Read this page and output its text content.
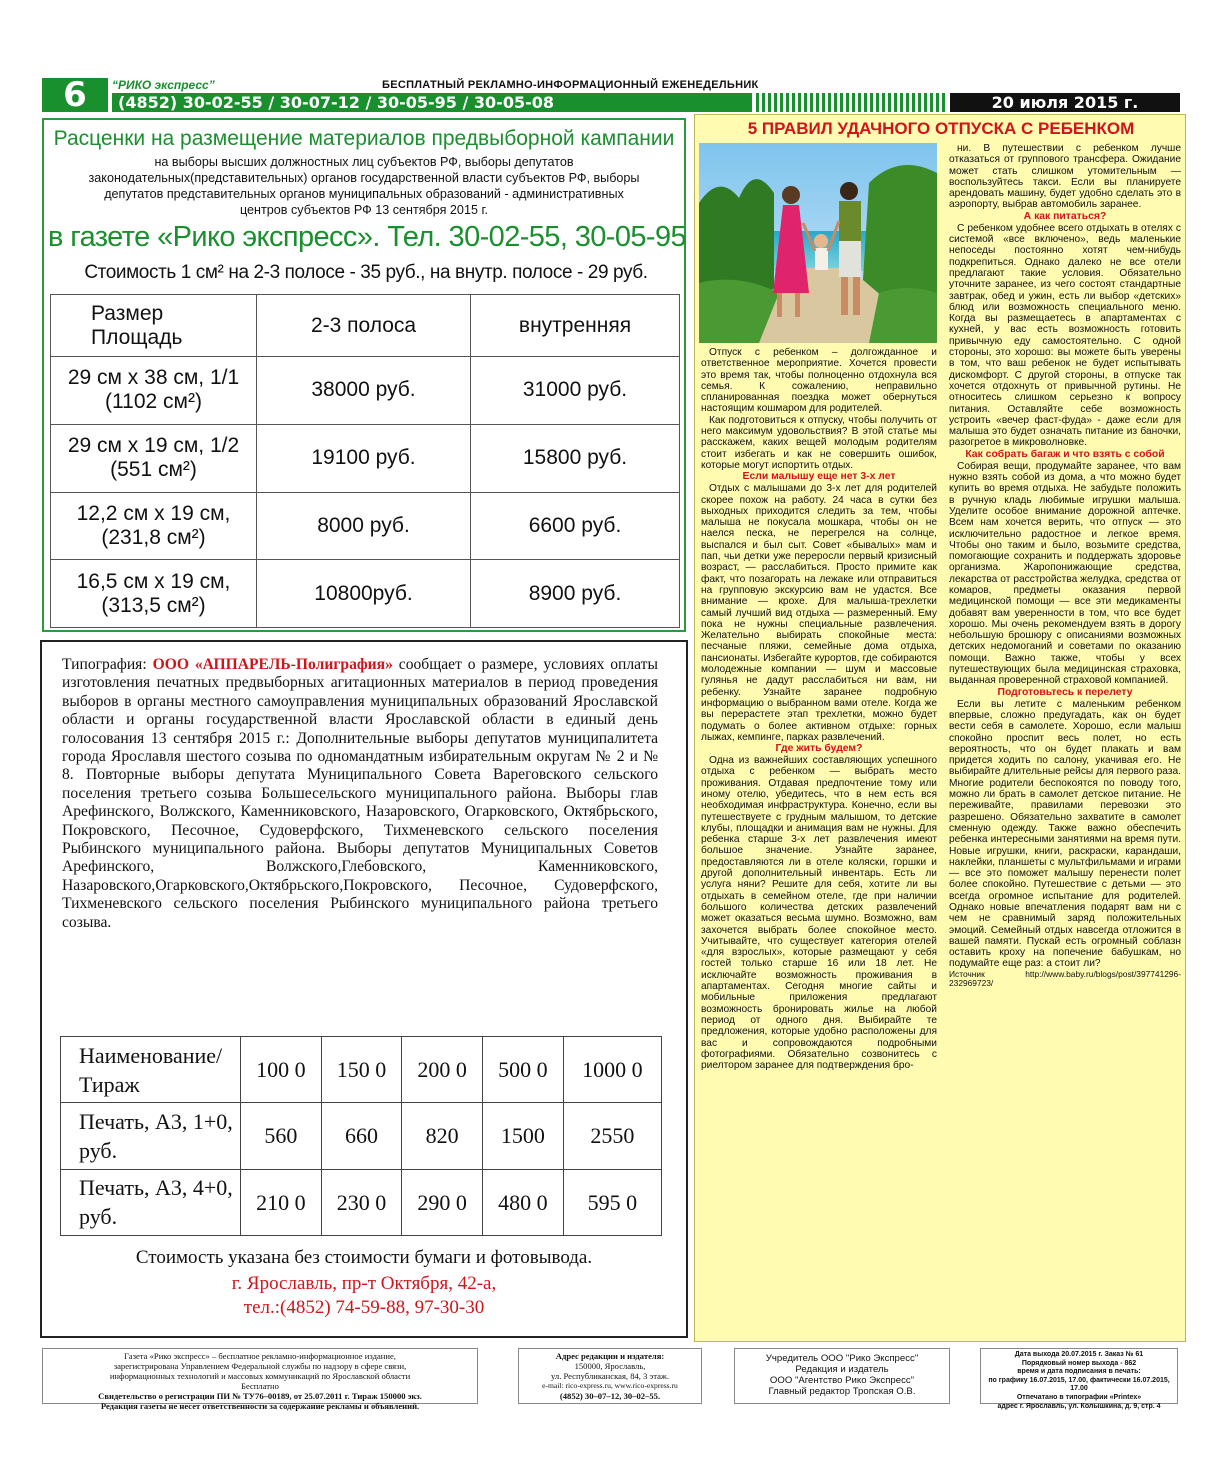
6	“РИКО экспресс”	БЕСПЛАТНЫЙ РЕКЛАМНО-ИНФОРМАЦИОННЫЙ ЕЖЕНЕДЕЛЬНИК
(4852) 30-02-55 / 30-07-12 / 30-05-95 / 30-05-08	20 июля 2015 г.
Расценки на размещение материалов предвыборной кампании
на выборы высших должностных лиц субъектов РФ, выборы депутатов законодательных(представительных) органов государственной власти субъектов РФ, выборы депутатов представительных органов муниципальных образований - административных центров субъектов РФ 13 сентября 2015 г.
в газете «Рико экспресс». Тел. 30-02-55, 30-05-95
Стоимость 1 см² на 2-3 полосе - 35 руб., на внутр. полосе - 29 руб.
Размер Площадь	2-3 полоса	внутренняя

29 см х 38 см, 1/1
(1102 см²)	38000 руб.	31000 руб.

29 см х 19 см, 1/2
(551 см²)	19100 руб.	15800 руб.

12,2 см х 19 см,
(231,8 см²)	8000 руб.	6600 руб.

16,5 см х 19 см,
(313,5 см²)	10800руб.	8900 руб.
Типография: ООО «АППАРЕЛЬ-Полиграфия» сообщает о размере, условиях оплаты изготовления печатных предвыборных агитационных материалов в период проведения выборов в органы местного самоуправления муниципальных образований Ярославской области и органы государственной власти Ярославской области в единый день голосования 13 сентября 2015 г.: Дополнительные выборы депутатов муниципалитета города Ярославля шестого созыва по одномандатным избирательным округам № 2 и № 8. Повторные выборы депутата Муниципального Совета Вареговского сельского поселения третьего созыва Большесельского муниципального района. Выборы глав Арефинского, Волжского, Каменниковского, Назаровского, Огарковского, Октябрьского, Покровского, Песочное, Судоверфского, Тихменевского сельского поселения Рыбинского муниципального района. Выборы депутатов Муниципальных Советов Арефинского, Волжского,Глебовского, Каменниковского, Назаровского,Огарковского,Октябрьского,Покровского, Песочное, Судоверфского, Тихменевского сельского поселения Рыбинского муниципального района третьего созыва.
Наименование/ Тираж	100 0	150 0	200 0	500 0	1000 0
Печать, А3, 1+0, руб.	560	660	820	1500	2550
Печать, А3, 4+0, руб.	210 0	230 0	290 0	480 0	595 0
Стоимость указана без стоимости бумаги и фотовывода.
г. Ярославль, пр-т Октября, 42-а,
тел.:(4852) 74-59-88, 97-30-30
5 ПРАВИЛ УДАЧНОГО ОТПУСКА С РЕБЕНКОМ

Отпуск с ребенком – долгожданное и ответственное мероприятие. Хочется провести это время так, чтобы полноценно отдохнула вся семья. К сожалению, неправильно спланированная поездка может обернуться настоящим кошмаром для родителей.

Как подготовиться к отпуску, чтобы получить от него максимум удовольствия? В этой статье мы расскажем, каких вещей молодым родителям стоит избегать и как не совершить ошибок, которые могут испортить отдых.

Если малышу еще нет 3-х лет

Отдых с малышами до 3-х лет для родителей скорее похож на работу. 24 часа в сутки без выходных приходится следить за тем, чтобы малыша не покусала мошкара, чтобы он не наелся песка, не перегрелся на солнце, выспался и был сыт. Совет «бывалых» мам и пап, чьи детки уже переросли первый кризисный возраст, — расслабиться. Просто примите как факт, что позагорать на лежаке или отправиться на групповую экскурсию вам не удастся. Все внимание — крохе. Для малыша-трехлетки самый лучший вид отдыха — размеренный. Ему пока не нужны специальные развлечения. Желательно выбирать спокойные места: песчаные пляжи, семейные дома отдыха, пансионаты. Избегайте курортов, где собираются молодежные компании — шум и массовые гулянья не дадут расслабиться ни вам, ни ребенку. Узнайте заранее подробную информацию о выбранном вами отеле. Когда же вы перерастете этап трехлетки, можно будет подумать о более активном отдыхе: горных лыжах, кемпинге, парках развлечений.

Где жить будем?

Одна из важнейших составляющих успешного отдыха с ребенком — выбрать место проживания. Отдавая предпочтение тому или иному отелю, убедитесь, что в нем есть вся необходимая инфраструктура. Конечно, если вы путешествуете с грудным малышом, то детские клубы, площадки и анимация вам не нужны. Для ребенка старше 3-х лет развлечения имеют большое значение. Узнайте заранее, предоставляются ли в отеле коляски, горшки и другой дополнительный инвентарь. Есть ли услуга няни? Решите для себя, хотите ли вы отдыхать в семейном отеле, где при наличии большого количества детских развлечений может оказаться весьма шумно. Возможно, вам захочется выбрать более спокойное место. Учитывайте, что существует категория отелей «для взрослых», которые размещают у себя гостей только старше 16 или 18 лет. Не исключайте возможность проживания в апартаментах. Сегодня многие сайты и мобильные приложения предлагают возможность бронировать жилье на любой период от одного дня. Выбирайте те предложения, которые удобно расположены для вас и сопровождаются подробными фотографиями. Обязательно созвонитесь с риелтором заранее для подтверждения бро-

ни. В путешествии с ребенком лучше отказаться от группового трансфера. Ожидание может стать слишком утомительным — воспользуйтесь такси. Если вы планируете арендовать машину, будет удобно сделать это в аэропорту, выбрав автомобиль заранее.

А как питаться?

С ребенком удобнее всего отдыхать в отелях с системой «все включено», ведь маленькие непоседы постоянно хотят чем-нибудь подкрепиться. Однако далеко не все отели предлагают такие условия. Обязательно уточните заранее, из чего состоят стандартные завтрак, обед и ужин, есть ли выбор «детских» блюд или возможность специального меню. Когда вы размещаетесь в апартаментах с кухней, у вас есть возможность готовить привычную еду самостоятельно. С одной стороны, это хорошо: вы можете быть уверены в том, что ваш ребенок не будет испытывать дискомфорт. С другой стороны, в отпуске так хочется отдохнуть от привычной рутины. Не относитесь слишком серьезно к вопросу питания. Оставляйте себе возможность устроить «вечер фаст-фуда» - даже если для малыша это будет означать питание из баночки, разогретое в микроволновке.

Как собрать багаж и что взять с собой

Собирая вещи, продумайте заранее, что вам нужно взять собой из дома, а что можно будет купить во время отдыха. Не забудьте положить в ручную кладь любимые игрушки малыша. Уделите особое внимание дорожной аптечке. Всем нам хочется верить, что отпуск — это исключительно радостное и легкое время. Чтобы оно таким и было, возьмите средства, помогающие сохранить и поддержать здоровье организма. Жаропонижающие средства, лекарства от расстройства желудка, средства от комаров, предметы оказания первой медицинской помощи — все эти медикаменты добавят вам уверенности в том, что все будет хорошо. Мы очень рекомендуем взять в дорогу небольшую брошюру с описаниями возможных детских недомоганий и советами по оказанию помощи. Важно также, чтобы у всех путешествующих была медицинская страховка, выданная проверенной страховой компанией.

Подготовьтесь к перелету

Если вы летите с маленьким ребенком впервые, сложно предугадать, как он будет вести себя в самолете. Хорошо, если малыш спокойно проспит весь полет, но есть вероятность, что он будет плакать и вам придется ходить по салону, укачивая его. Не выбирайте длительные рейсы для первого раза. Многие родители беспокоятся по поводу того, можно ли брать в самолет детское питание. Не переживайте, правилами перевозки это разрешено. Обязательно захватите в самолет сменную одежду. Также важно обеспечить ребенка интересными занятиями на время пути. Новые игрушки, книги, раскраски, карандаши, наклейки, планшеты с мультфильмами и играми — все это поможет малышу перенести полет более спокойно. Путешествие с детьми — это всегда огромное испытание для родителей. Однако новые впечатления подарят вам ни с чем не сравнимый заряд положительных эмоций. Семейный отдых навсегда отложится в вашей памяти. Пускай есть огромный соблазн оставить кроху на попечение бабушкам, но подумайте еще раз: а стоит ли?

Источник http://www.baby.ru/blogs/post/397741296-232969723/
Газета «Рико экспресс» – бесплатное рекламно-информационное издание,
зарегистрирована Управлением Федеральной службы по надзору в сфере связи,
информационных технологий и массовых коммуникаций по Ярославской области
Бесплатно
Свидетельство о регистрации ПИ № ТУ76–00189, от 25.07.2011 г. Тираж 150000 экз.
Редакция газеты не несет ответственности за содержание рекламы и объявлений.
Адрес редакции и издателя:
150000, Ярославль,
ул. Республиканская, 84, 3 этаж.
e-mail: rico-express.ru, www.rico-express.ru
(4852) 30–07–12, 30–02–55.
Учредитель ООО "Рико Экспресс"
Редакция и издатель
ООО "Агентство Рико Экспресс"
Главный редактор Тропская О.В.
Дата выхода 20.07.2015 г. Заказ № 61
Порядковый номер выхода - 862
время и дата подписания в печать:
по графику 16.07.2015, 17.00, фактически 16.07.2015, 17.00
Отпечатано в типографии «Printex»
адрес г. Ярославль, ул. Колышкина, д. 9, стр. 4
